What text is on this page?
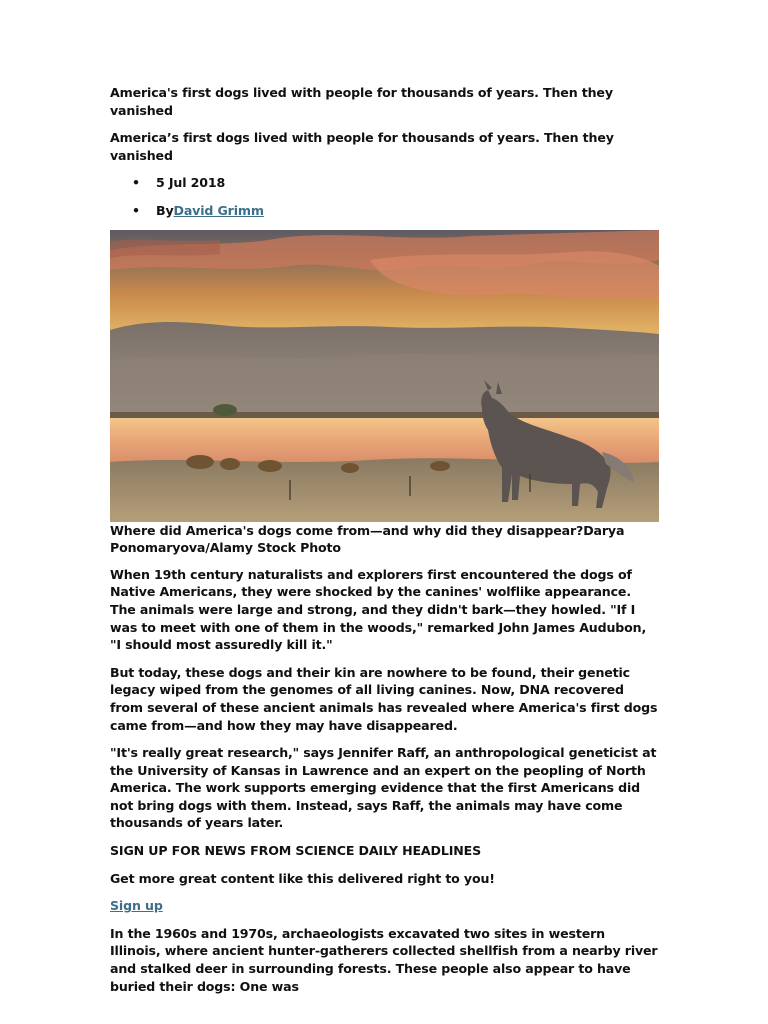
America's first dogs lived with people for thousands of years. Then they vanished

America’s first dogs lived with people for thousands of years. Then they vanished

• 5 Jul 2018
• ByDavid Grimm

Where did America's dogs come from—and why did they disappear?Darya Ponomaryova/Alamy Stock Photo

When 19th century naturalists and explorers first encountered the dogs of Native Americans, they were shocked by the canines' wolflike appearance. The animals were large and strong, and they didn't bark—they howled. "If I was to meet with one of them in the woods," remarked John James Audubon, "I should most assuredly kill it."

But today, these dogs and their kin are nowhere to be found, their genetic legacy wiped from the genomes of all living canines. Now, DNA recovered from several of these ancient animals has revealed where America's first dogs came from—and how they may have disappeared.

"It's really great research," says Jennifer Raff, an anthropological geneticist at the University of Kansas in Lawrence and an expert on the peopling of North America. The work supports emerging evidence that the first Americans did not bring dogs with them. Instead, says Raff, the animals may have come thousands of years later.

SIGN UP FOR NEWS FROM SCIENCE DAILY HEADLINES

Get more great content like this delivered right to you!

Sign up

In the 1960s and 1970s, archaeologists excavated two sites in western Illinois, where ancient hunter-gatherers collected shellfish from a nearby river and stalked deer in surrounding forests. These people also appear to have buried their dogs: One was
